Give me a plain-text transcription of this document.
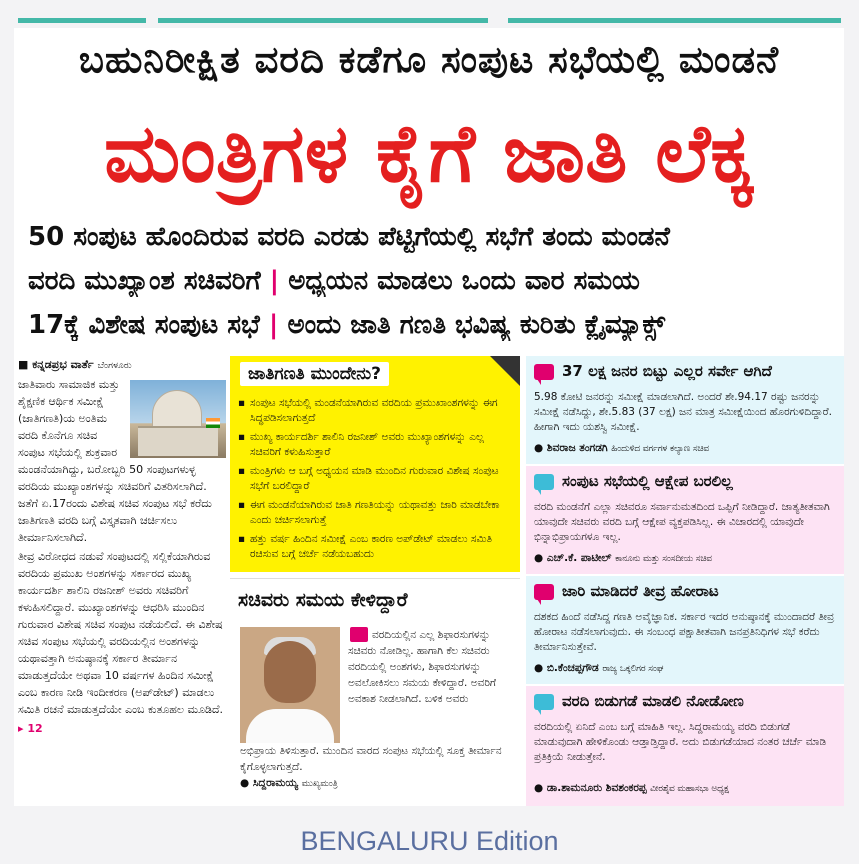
ಬಹುನಿರೀಕ್ಷಿತ ವರದಿ ಕಡೆಗೂ ಸಂಪುಟ ಸಭೆಯಲ್ಲಿ ಮಂಡನೆ
ಮಂತ್ರಿಗಳ ಕೈಗೆ ಜಾತಿ ಲೆಕ್ಕ
50 ಸಂಪುಟ ಹೊಂದಿರುವ ವರದಿ ಎರಡು ಪೆಟ್ಟಿಗೆಯಲ್ಲಿ ಸಭೆಗೆ ತಂದು ಮಂಡನೆ
ವರದಿ ಮುಖ್ಯಾಂಶ ಸಚಿವರಿಗೆ | ಅಧ್ಯಯನ ಮಾಡಲು ಒಂದು ವಾರ ಸಮಯ
17ಕ್ಕೆ ವಿಶೇಷ ಸಂಪುಟ ಸಭೆ | ಅಂದು ಜಾತಿ ಗಣತಿ ಭವಿಷ್ಯ ಕುರಿತು ಕ್ಲೈಮ್ಯಾಕ್ಸ್

■ ಕನ್ನಡಪ್ರಭ ವಾರ್ತೆ ಬೆಂಗಳೂರು

ಜಾತಿವಾರು ಸಾಮಾಜಿಕ ಮತ್ತು ಶೈಕ್ಷಣಿಕ ಆರ್ಥಿಕ ಸಮೀಕ್ಷೆ (ಜಾತಿಗಣತಿ)ಯ ಅಂತಿಮ ವರದಿ ಕೊನೆಗೂ ಸಚಿವ ಸಂಪುಟ ಸಭೆಯಲ್ಲಿ ಶುಕ್ರವಾರ ಮಂಡನೆಯಾಗಿದ್ದು, ಬರೋಬ್ಬರಿ 50 ಸಂಪುಟಗಳುಳ್ಳ ವರದಿಯ ಮುಖ್ಯಾಂಶಗಳನ್ನು ಸಚಿವರಿಗೆ ವಿತರಿಸಲಾಗಿದೆ. ಜತೆಗೆ ಏ.17ರಂದು ವಿಶೇಷ ಸಚಿವ ಸಂಪುಟ ಸಭೆ ಕರೆದು ಜಾತಿಗಣತಿ ವರದಿ ಬಗ್ಗೆ ವಿಸ್ತೃತವಾಗಿ ಚರ್ಚಿಸಲು ತೀರ್ಮಾನಿಸಲಾಗಿದೆ.

ತೀವ್ರ ವಿರೋಧದ ನಡುವೆ ಸಂಪುಟದಲ್ಲಿ ಸಲ್ಲಿಕೆಯಾಗಿರುವ ವರದಿಯ ಪ್ರಮುಖ ಅಂಶಗಳನ್ನು ಸರ್ಕಾರದ ಮುಖ್ಯ ಕಾರ್ಯದರ್ಶಿ ಶಾಲಿನಿ ರಜನೀಶ್ ಅವರು ಸಚಿವರಿಗೆ ಕಳುಹಿಸಲಿದ್ದಾರೆ. ಮುಖ್ಯಾಂಶಗಳನ್ನು ಆಧರಿಸಿ ಮುಂದಿನ ಗುರುವಾರ ವಿಶೇಷ ಸಚಿವ ಸಂಪುಟ ನಡೆಯಲಿದೆ. ಈ ವಿಶೇಷ ಸಚಿವ ಸಂಪುಟ ಸಭೆಯಲ್ಲಿ ವರದಿಯಲ್ಲಿನ ಅಂಶಗಳನ್ನು ಯಥಾವತ್ತಾಗಿ ಅನುಷ್ಠಾನಕ್ಕೆ ಸರ್ಕಾರ ತೀರ್ಮಾನ ಮಾಡುತ್ತದೆಯೇ ಅಥವಾ 10 ವರ್ಷಗಳ ಹಿಂದಿನ ಸಮೀಕ್ಷೆ ಎಂಬ ಕಾರಣ ನೀಡಿ ಇಂದೀಕರಣ (ಅಪ್‌ಡೇಟ್) ಮಾಡಲು ಸಮಿತಿ ರಚನೆ ಮಾಡುತ್ತದೆಯೇ ಎಂಬ ಕುತೂಹಲ ಮೂಡಿದೆ.

▸ 12

ಜಾತಿಗಣತಿ ಮುಂದೇನು?
▪ ಸಂಪುಟ ಸಭೆಯಲ್ಲಿ ಮಂಡನೆಯಾಗಿರುವ ವರದಿಯ ಪ್ರಮುಖಾಂಶಗಳನ್ನು ಈಗ ಸಿದ್ಧಪಡಿಸಲಾಗುತ್ತದೆ
▪ ಮುಖ್ಯ ಕಾರ್ಯದರ್ಶಿ ಶಾಲಿನಿ ರಜನೀಶ್ ಅವರು ಮುಖ್ಯಾಂಶಗಳನ್ನು ಎಲ್ಲ ಸಚಿವರಿಗೆ ಕಳುಹಿಸುತ್ತಾರೆ
▪ ಮಂತ್ರಿಗಳು ಆ ಬಗ್ಗೆ ಅಧ್ಯಯನ ಮಾಡಿ ಮುಂದಿನ ಗುರುವಾರ ವಿಶೇಷ ಸಂಪುಟ ಸಭೆಗೆ ಬರಲಿದ್ದಾರೆ
▪ ಈಗ ಮಂಡನೆಯಾಗಿರುವ ಜಾತಿ ಗಣತಿಯನ್ನು ಯಥಾವತ್ತು ಜಾರಿ ಮಾಡಬೇಕಾ ಎಂದು ಚರ್ಚಿಸಲಾಗುತ್ತೆ
▪ ಹತ್ತು ವರ್ಷ ಹಿಂದಿನ ಸಮೀಕ್ಷೆ ಎಂಬ ಕಾರಣ ಅಪ್‌ಡೇಟ್ ಮಾಡಲು ಸಮಿತಿ ರಚಿಸುವ ಬಗ್ಗೆ ಚರ್ಚೆ ನಡೆಯಬಹುದು
ಸಚಿವರು ಸಮಯ ಕೇಳಿದ್ದಾರೆ
ವರದಿಯಲ್ಲಿನ ಎಲ್ಲ ಶಿಫಾರಸುಗಳನ್ನು ಸಚಿವರು ನೋಡಿಲ್ಲ. ಹಾಗಾಗಿ ಕೆಲ ಸಚಿವರು ವರದಿಯಲ್ಲಿ ಅಂಶಗಳು, ಶಿಫಾರಸುಗಳನ್ನು ಅವಲೋಕಿಸಲು ಸಮಯ ಕೇಳಿದ್ದಾರೆ. ಅವರಿಗೆ ಅವಕಾಶ ನೀಡಲಾಗಿದೆ. ಬಳಿಕ ಅವರು
ಅಭಿಪ್ರಾಯ ತಿಳಿಸುತ್ತಾರೆ. ಮುಂದಿನ ವಾರದ ಸಂಪುಟ ಸಭೆಯಲ್ಲಿ ಸೂಕ್ತ ತೀರ್ಮಾನ ಕೈಗೊಳ್ಳಲಾಗುತ್ತದೆ.
● ಸಿದ್ದರಾಮಯ್ಯ ಮುಖ್ಯಮಂತ್ರಿ
37 ಲಕ್ಷ ಜನರ ಬಿಟ್ಟು ಎಲ್ಲರ ಸರ್ವೇ ಆಗಿದೆ

5.98 ಕೋಟಿ ಜನರನ್ನು ಸಮೀಕ್ಷೆ ಮಾಡಲಾಗಿದೆ. ಅಂದರೆ ಶೇ.94.17 ರಷ್ಟು ಜನರನ್ನು ಸಮೀಕ್ಷೆ ನಡೆಸಿದ್ದು, ಶೇ.5.83 (37 ಲಕ್ಷ) ಜನ ಮಾತ್ರ ಸಮೀಕ್ಷೆಯಿಂದ ಹೊರಗುಳಿದಿದ್ದಾರೆ. ಹೀಗಾಗಿ ಇದು ಯಶಸ್ವಿ ಸಮೀಕ್ಷೆ.

● ಶಿವರಾಜ ತಂಗಡಗಿ ಹಿಂದುಳಿದ ವರ್ಗಗಳ ಕಲ್ಯಾಣ ಸಚಿವ
ಸಂಪುಟ ಸಭೆಯಲ್ಲಿ ಆಕ್ಷೇಪ ಬರಲಿಲ್ಲ

ವರದಿ ಮಂಡನೆಗೆ ಎಲ್ಲಾ ಸಚಿವರೂ ಸರ್ವಾನುಮತದಿಂದ ಒಪ್ಪಿಗೆ ನೀಡಿದ್ದಾರೆ. ಜಾತ್ಯತೀತವಾಗಿ ಯಾವುದೇ ಸಚಿವರು ವರದಿ ಬಗ್ಗೆ ಆಕ್ಷೇಪ ವ್ಯಕ್ತಪಡಿಸಿಲ್ಲ. ಈ ವಿಚಾರದಲ್ಲಿ ಯಾವುದೇ ಭಿನ್ನಾಭಿಪ್ರಾಯಗಳೂ ಇಲ್ಲ.

● ಎಚ್.ಕೆ. ಪಾಟೀಲ್ ಕಾನೂನು ಮತ್ತು ಸಂಸದೀಯ ಸಚಿವ
ಜಾರಿ ಮಾಡಿದರೆ ತೀವ್ರ ಹೋರಾಟ

ದಶಕದ ಹಿಂದೆ ನಡೆಸಿದ್ದ ಗಣತಿ ಅವೈಜ್ಞಾನಿಕ. ಸರ್ಕಾರ ಇದರ ಅನುಷ್ಠಾನಕ್ಕೆ ಮುಂದಾದರೆ ತೀವ್ರ ಹೋರಾಟ ನಡೆಸಲಾಗುವುದು. ಈ ಸಂಬಂಧ ಪಕ್ಷಾತೀತವಾಗಿ ಜನಪ್ರತಿನಿಧಿಗಳ ಸಭೆ ಕರೆದು ತೀರ್ಮಾನಿಸುತ್ತೇವೆ.

● ಬಿ.ಕೆಂಚಪ್ಪಗೌಡ ರಾಜ್ಯ ಒಕ್ಕಲಿಗರ ಸಂಘ
ವರದಿ ಬಿಡುಗಡೆ ಮಾಡಲಿ ನೋಡೋಣ

ವರದಿಯಲ್ಲಿ ಏನಿದೆ ಎಂಬ ಬಗ್ಗೆ ಮಾಹಿತಿ ಇಲ್ಲ. ಸಿದ್ದರಾಮಯ್ಯ ವರದಿ ಬಿಡುಗಡೆ ಮಾಡುವುದಾಗಿ ಹೇಳಿಕೊಂಡು ಆಡ್ತಾಡ್ತಿದ್ದಾರೆ. ಅದು ಬಿಡುಗಡೆಯಾದ ನಂತರ ಚರ್ಚೆ ಮಾಡಿ ಪ್ರತಿಕ್ರಿಯೆ ನೀಡುತ್ತೇನೆ.

● ಡಾ.ಶಾಮನೂರು ಶಿವಶಂಕರಪ್ಪ ವೀರಶೈವ ಮಹಾಸಭಾ ಅಧ್ಯಕ್ಷ
BENGALURU Edition
